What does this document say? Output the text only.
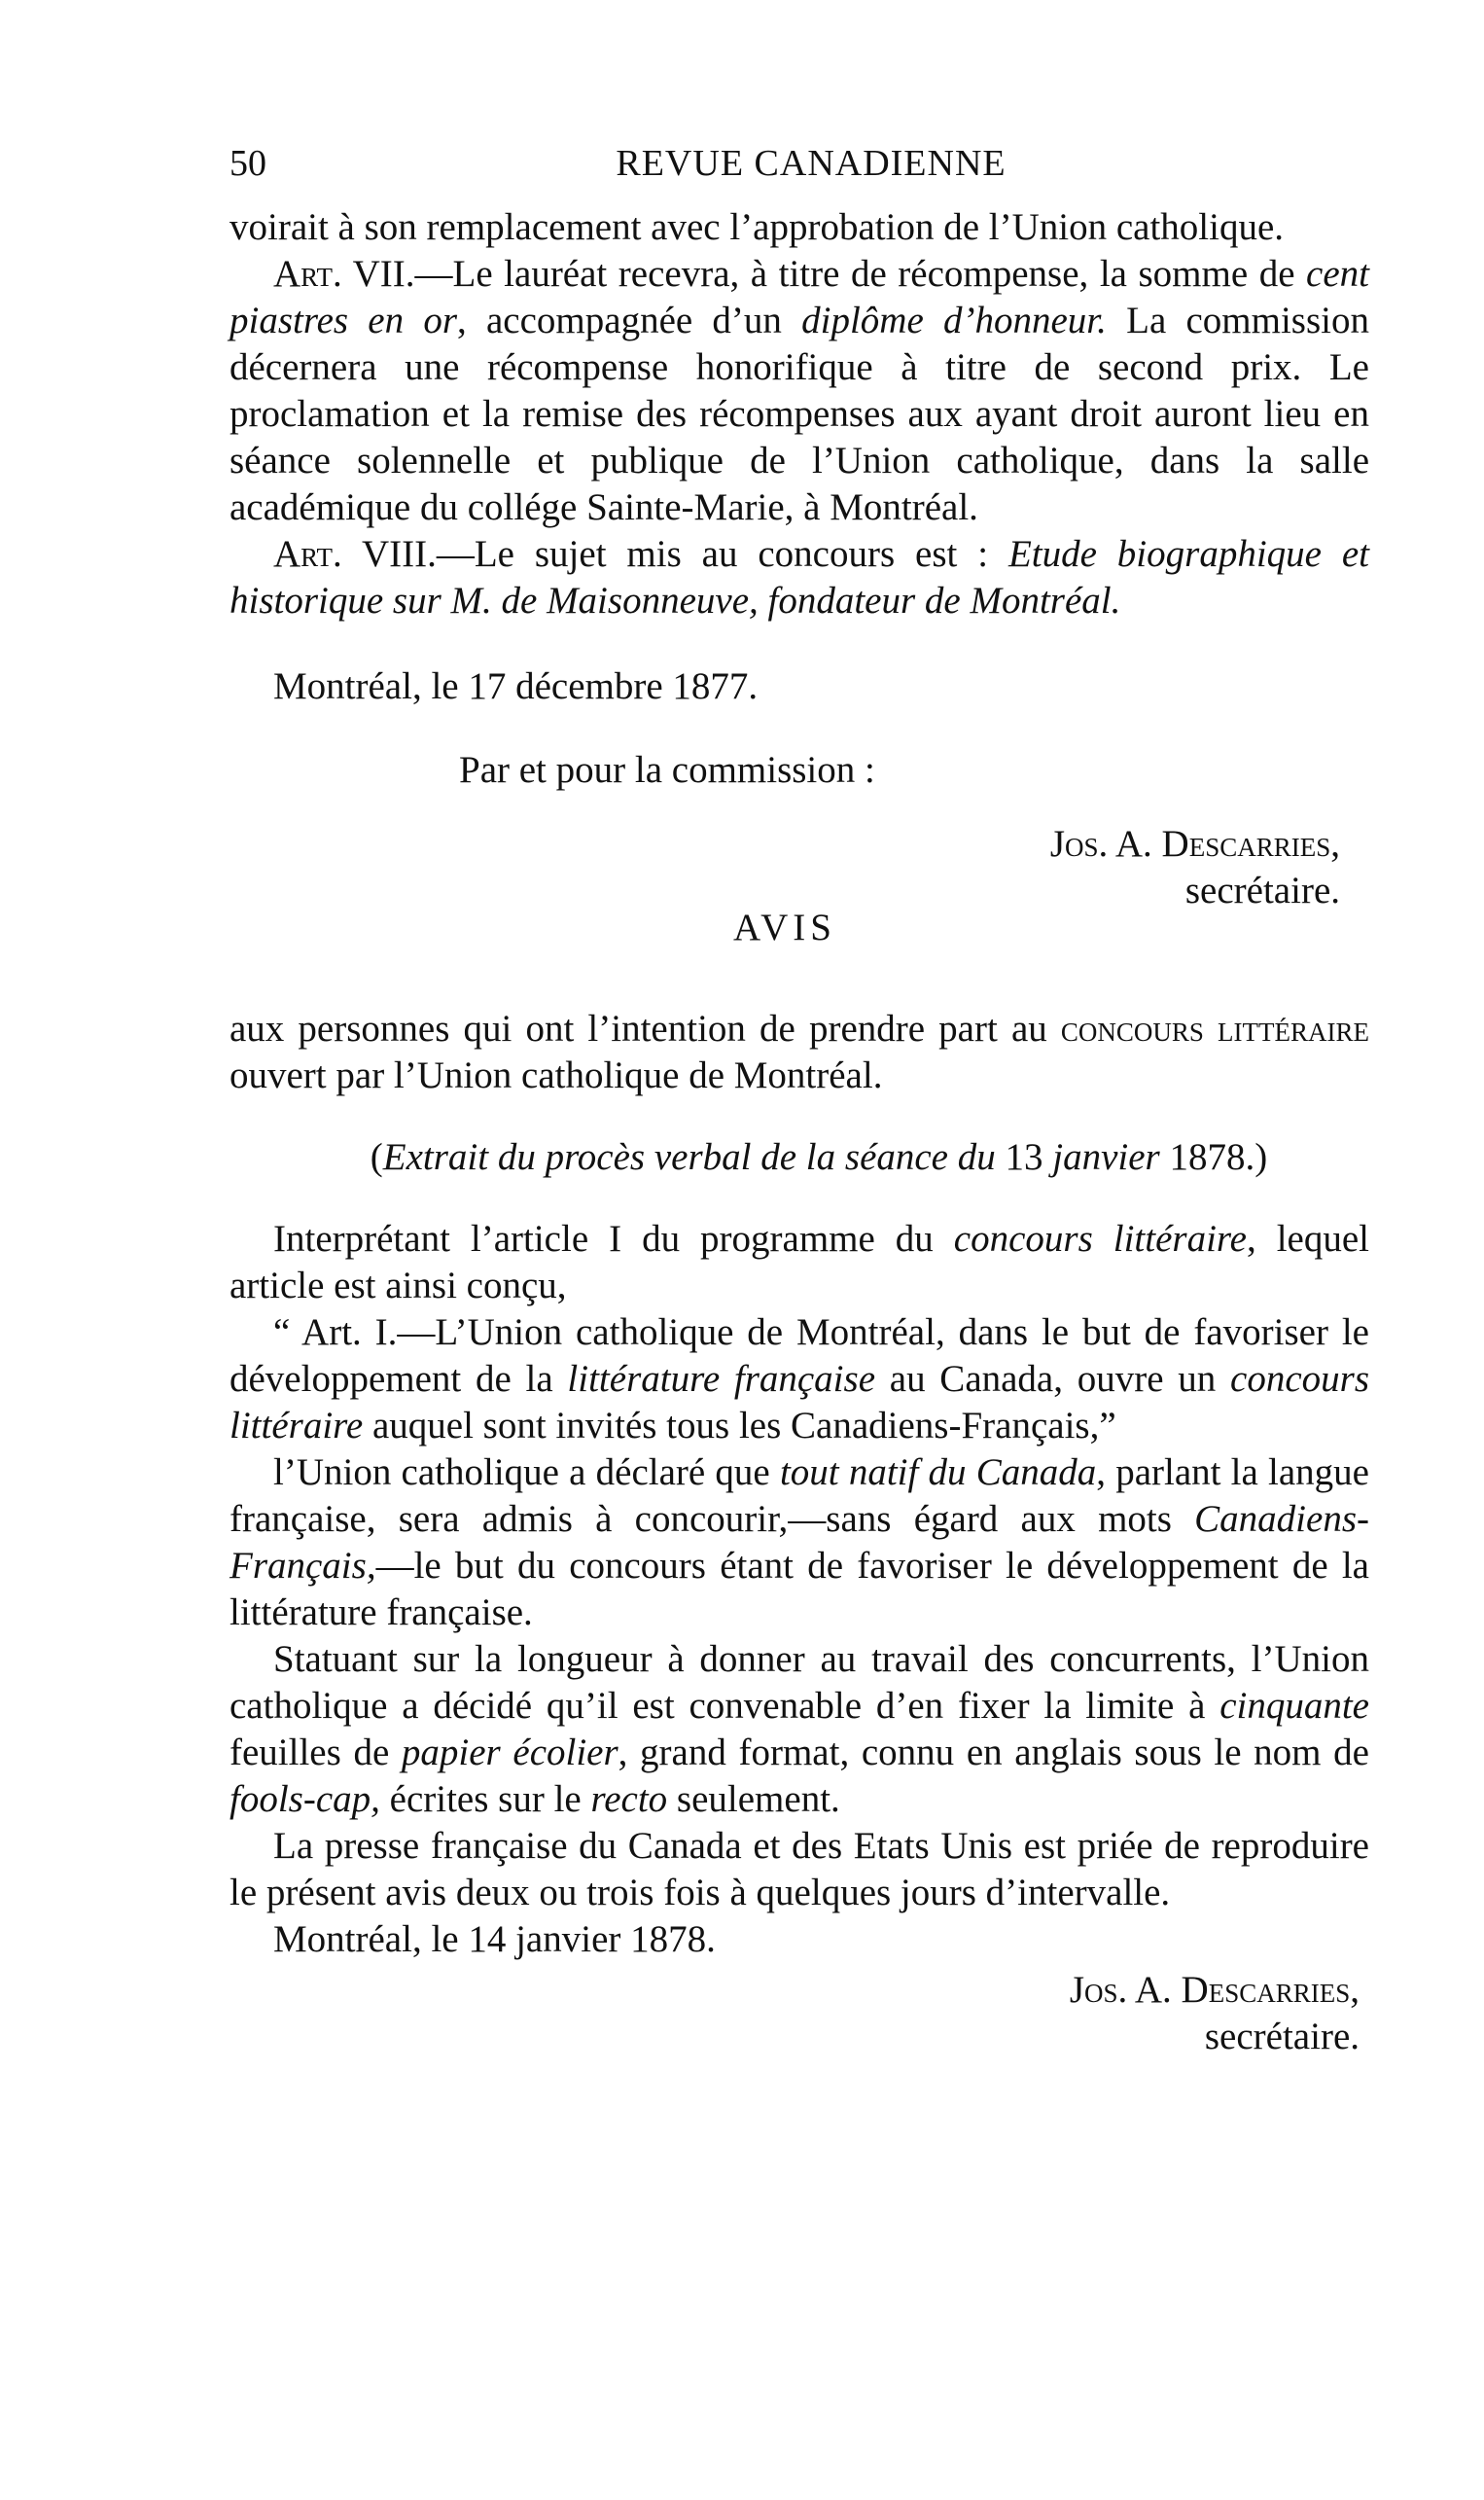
50	REVUE CANADIENNE

voirait à son remplacement avec l’approbation de l’Union catholique.

Art. VII.—Le lauréat recevra, à titre de récompense, la somme de cent piastres en or, accompagnée d’un diplôme d’honneur. La commission décernera une récompense honorifique à titre de second prix. Le proclamation et la remise des récompenses aux ayant droit auront lieu en séance solennelle et publique de l’Union catholique, dans la salle académique du collége Sainte-Marie, à Montréal.

Art. VIII.—Le sujet mis au concours est : Etude biographique et historique sur M. de Maisonneuve, fondateur de Montréal.

Montréal, le 17 décembre 1877.

Par et pour la commission :

Jos. A. Descarries,
secrétaire.
AVIS

aux personnes qui ont l’intention de prendre part au concours littéraire ouvert par l’Union catholique de Montréal.

(Extrait du procès verbal de la séance du 13 janvier 1878.)

Interprétant l’article I du programme du concours littéraire, lequel article est ainsi conçu,

“ Art. I.—L’Union catholique de Montréal, dans le but de favoriser le développement de la littérature française au Canada, ouvre un concours littéraire auquel sont invités tous les Canadiens-Français,”

l’Union catholique a déclaré que tout natif du Canada, parlant la langue française, sera admis à concourir,—sans égard aux mots Canadiens-Français,—le but du concours étant de favoriser le développement de la littérature française.

Statuant sur la longueur à donner au travail des concurrents, l’Union catholique a décidé qu’il est convenable d’en fixer la limite à cinquante feuilles de papier écolier, grand format, connu en anglais sous le nom de fools-cap, écrites sur le recto seulement.

La presse française du Canada et des Etats Unis est priée de reproduire le présent avis deux ou trois fois à quelques jours d’intervalle.

Montréal, le 14 janvier 1878.

Jos. A. Descarries,
secrétaire.
